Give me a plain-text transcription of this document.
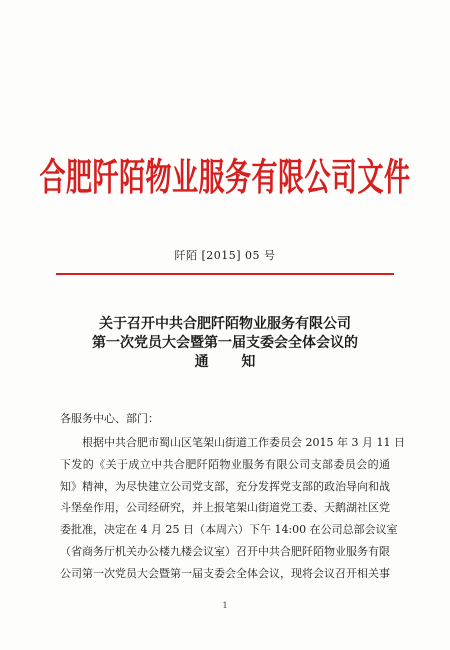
合肥阡陌物业服务有限公司文件
阡陌 [2015] 05 号
关于召开中共合肥阡陌物业服务有限公司
第一次党员大会暨第一届支委会全体会议的
通 知
各服务中心、部门：
根据中共合肥市蜀山区笔架山街道工作委员会 2015 年 3 月 11 日
下发的《关于成立中共合肥阡陌物业服务有限公司支部委员会的通
知》精神，为尽快建立公司党支部，充分发挥党支部的政治导向和战
斗堡垒作用，公司经研究，并上报笔架山街道党工委、天鹅湖社区党
委批准，决定在 4 月 25 日（本周六）下午 14:00 在公司总部会议室
（省商务厅机关办公楼九楼会议室）召开中共合肥阡陌物业服务有限
公司第一次党员大会暨第一届支委会全体会议，现将会议召开相关事
1
